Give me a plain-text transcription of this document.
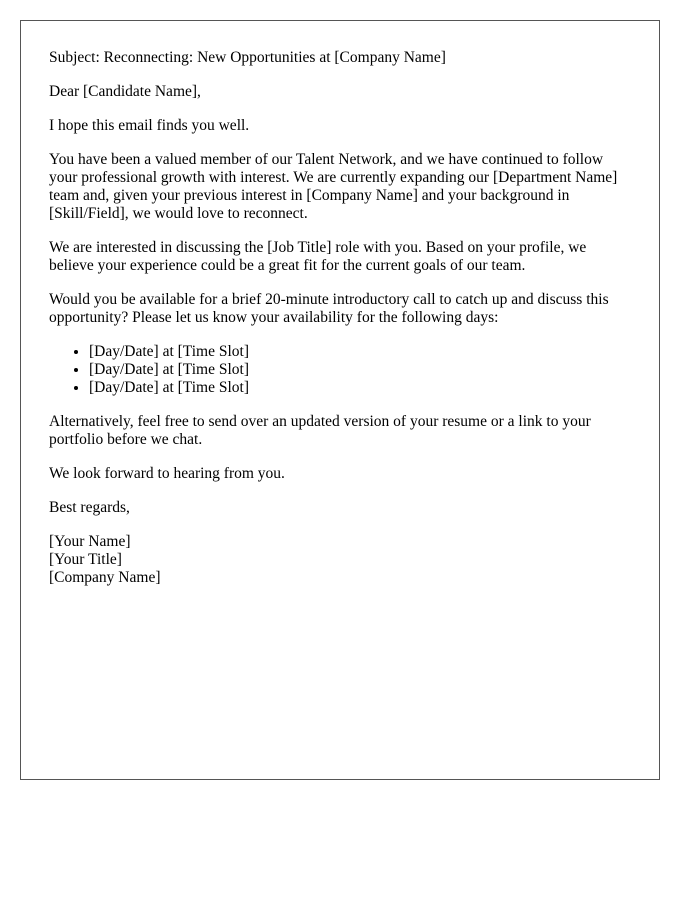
Subject: Reconnecting: New Opportunities at [Company Name]

Dear [Candidate Name],

I hope this email finds you well.

You have been a valued member of our Talent Network, and we have continued to follow your professional growth with interest. We are currently expanding our [Department Name] team and, given your previous interest in [Company Name] and your background in [Skill/Field], we would love to reconnect.

We are interested in discussing the [Job Title] role with you. Based on your profile, we believe your experience could be a great fit for the current goals of our team.

Would you be available for a brief 20-minute introductory call to catch up and discuss this opportunity? Please let us know your availability for the following days:

• [Day/Date] at [Time Slot]
• [Day/Date] at [Time Slot]
• [Day/Date] at [Time Slot]

Alternatively, feel free to send over an updated version of your resume or a link to your portfolio before we chat.

We look forward to hearing from you.

Best regards,

[Your Name]
[Your Title]
[Company Name]
